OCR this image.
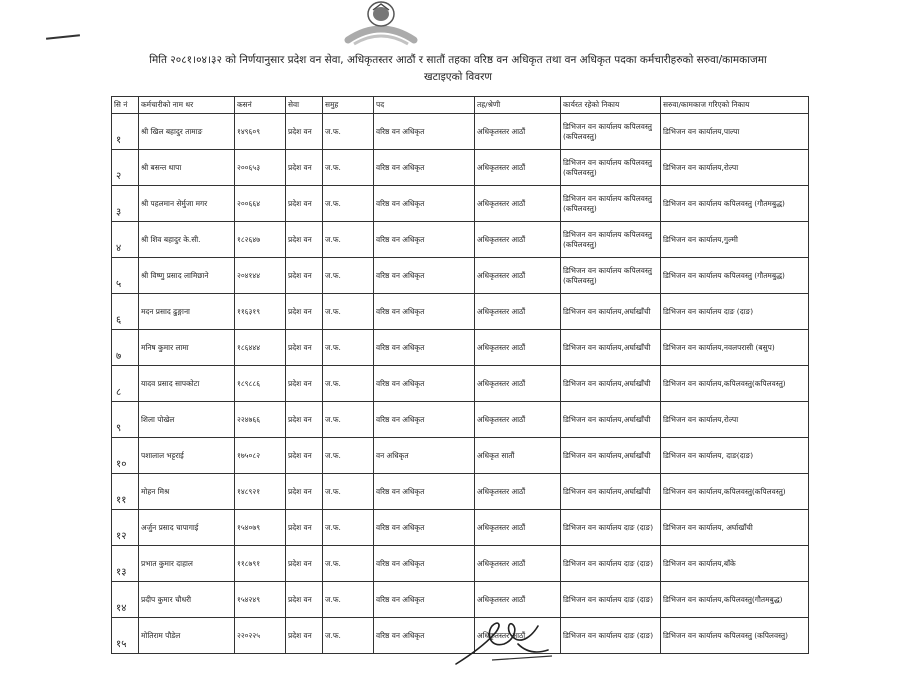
मिति २०८१।०४।३२ को निर्णयानुसार प्रदेश वन सेवा, अधिकृतस्तर आठौं र सातौं तहका वरिष्ठ वन अधिकृत तथा वन अधिकृत पदका कर्मचारीहरुको सरुवा/कामकाजमा
खटाइएको विवरण
सि नं	कर्मचारीको नाम थर	कसनं	सेवा	समुह	पद	तह/श्रेणी	कार्यरत रहेको निकाय	सरुवा/कामकाज गरिएको निकाय
१	श्री खिल बहादुर तामाङ	१४९६०९	प्रदेश वन	ज.फ.	वरिष्ठ वन अधिकृत	अधिकृतस्तर आठौं	डिभिजन वन कार्यालय कपिलवस्तु (कपिलवस्तु)	डिभिजन वन कार्यालय,पाल्पा
२	श्री बसन्त थापा	२००६५३	प्रदेश वन	ज.फ.	वरिष्ठ वन अधिकृत	अधिकृतस्तर आठौं	डिभिजन वन कार्यालय कपिलवस्तु (कपिलवस्तु)	डिभिजन वन कार्यालय,रोल्पा
३	श्री पहलमान सेर्मुजा मगर	२००६६४	प्रदेश वन	ज.फ.	वरिष्ठ वन अधिकृत	अधिकृतस्तर आठौं	डिभिजन वन कार्यालय कपिलवस्तु (कपिलवस्तु)	डिभिजन वन कार्यालय कपिलवस्तु (गौतमबुद्ध)
४	श्री शिव बहादुर के.सी.	१८२६४७	प्रदेश वन	ज.फ.	वरिष्ठ वन अधिकृत	अधिकृतस्तर आठौं	डिभिजन वन कार्यालय कपिलवस्तु (कपिलवस्तु)	डिभिजन वन कार्यालय,गुल्मी
५	श्री विष्णु प्रसाद लामिछाने	२०४१४४	प्रदेश वन	ज.फ.	वरिष्ठ वन अधिकृत	अधिकृतस्तर आठौं	डिभिजन वन कार्यालय कपिलवस्तु (कपिलवस्तु)	डिभिजन वन कार्यालय कपिलवस्तु (गौतमबुद्ध)
६	मदन प्रसाद ढुङ्गाना	११६३१९	प्रदेश वन	ज.फ.	वरिष्ठ वन अधिकृत	अधिकृतस्तर आठौं	डिभिजन वन कार्यालय,अर्घाखाँची	डिभिजन वन कार्यालय दाङ (दाङ)
७	मनिष कुमार लामा	१८६४४४	प्रदेश वन	ज.फ.	वरिष्ठ वन अधिकृत	अधिकृतस्तर आठौं	डिभिजन वन कार्यालय,अर्घाखाँची	डिभिजन वन कार्यालय,नवलपरासी (बसुप)
८	यादव प्रसाद सापकोटा	१८९८८६	प्रदेश वन	ज.फ.	वरिष्ठ वन अधिकृत	अधिकृतस्तर आठौं	डिभिजन वन कार्यालय,अर्घाखाँची	डिभिजन वन कार्यालय,कपिलवस्तु(कपिलवस्तु)
९	शिला पोखेल	२२४७६६	प्रदेश वन	ज.फ.	वरिष्ठ वन अधिकृत	अधिकृतस्तर आठौं	डिभिजन वन कार्यालय,अर्घाखाँची	डिभिजन वन कार्यालय,रोल्पा
१०	पशालाल भट्टराई	१७५०८२	प्रदेश वन	ज.फ.	वन अधिकृत	अधिकृत सातौं	डिभिजन वन कार्यालय,अर्घाखाँची	डिभिजन वन कार्यालय, दाङ(दाङ)
११	मोहन मिश्र	१४८९२१	प्रदेश वन	ज.फ.	वरिष्ठ वन अधिकृत	अधिकृतस्तर आठौं	डिभिजन वन कार्यालय,अर्घाखाँची	डिभिजन वन कार्यालय,कपिलवस्तु(कपिलवस्तु)
१२	अर्जुन प्रसाद चापागाई	१५४०७९	प्रदेश वन	ज.फ.	वरिष्ठ वन अधिकृत	अधिकृतस्तर आठौं	डिभिजन वन कार्यालय दाङ (दाङ)	डिभिजन वन कार्यालय, अर्घाखाँची
१३	प्रभात कुमार दाहाल	११८७९१	प्रदेश वन	ज.फ.	वरिष्ठ वन अधिकृत	अधिकृतस्तर आठौं	डिभिजन वन कार्यालय दाङ (दाङ)	डिभिजन वन कार्यालय,बाँके
१४	प्रदीप कुमार चौधरी	१५४२४९	प्रदेश वन	ज.फ.	वरिष्ठ वन अधिकृत	अधिकृतस्तर आठौं	डिभिजन वन कार्यालय दाङ (दाङ)	डिभिजन वन कार्यालय,कपिलवस्तु(गौतमबुद्ध)
१५	मोतिराम पौडेल	२२०२२५	प्रदेश वन	ज.फ.	वरिष्ठ वन अधिकृत	अधिकृतस्तर आठौं	डिभिजन वन कार्यालय दाङ (दाङ)	डिभिजन वन कार्यालय कपिलवस्तु (कपिलवस्तु)
